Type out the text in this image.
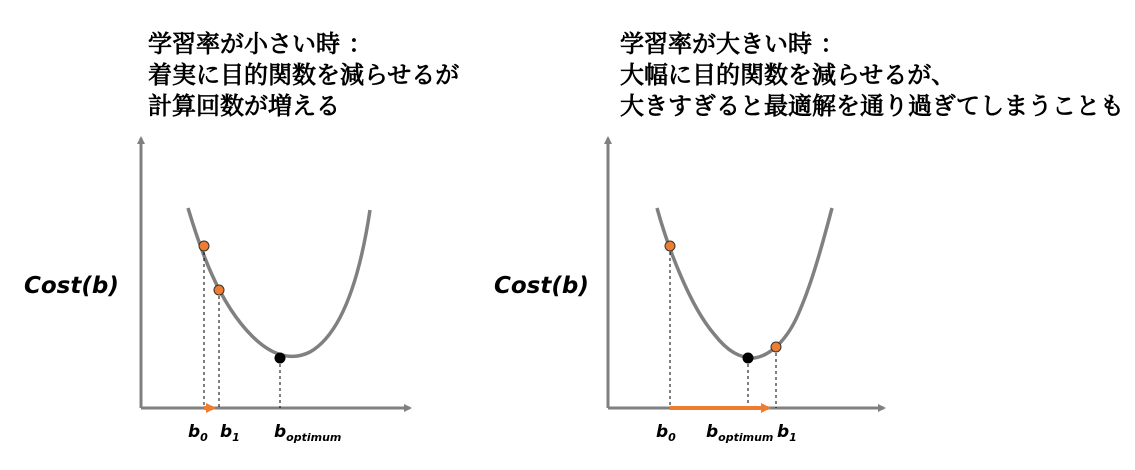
学習率が小さい時 ：
着実に目的関数を減らせるが
計算回数が増える
学習率が大きい時 ：
大幅に目的関数を減らせるが、
大きすぎると最適解を通り過ぎてしまうことも
Cost(b)
$b_0$ $b_1$ $b_{optimum}$
Cost(b)
$b_0$ $b_{optimum}$ $b_1$
